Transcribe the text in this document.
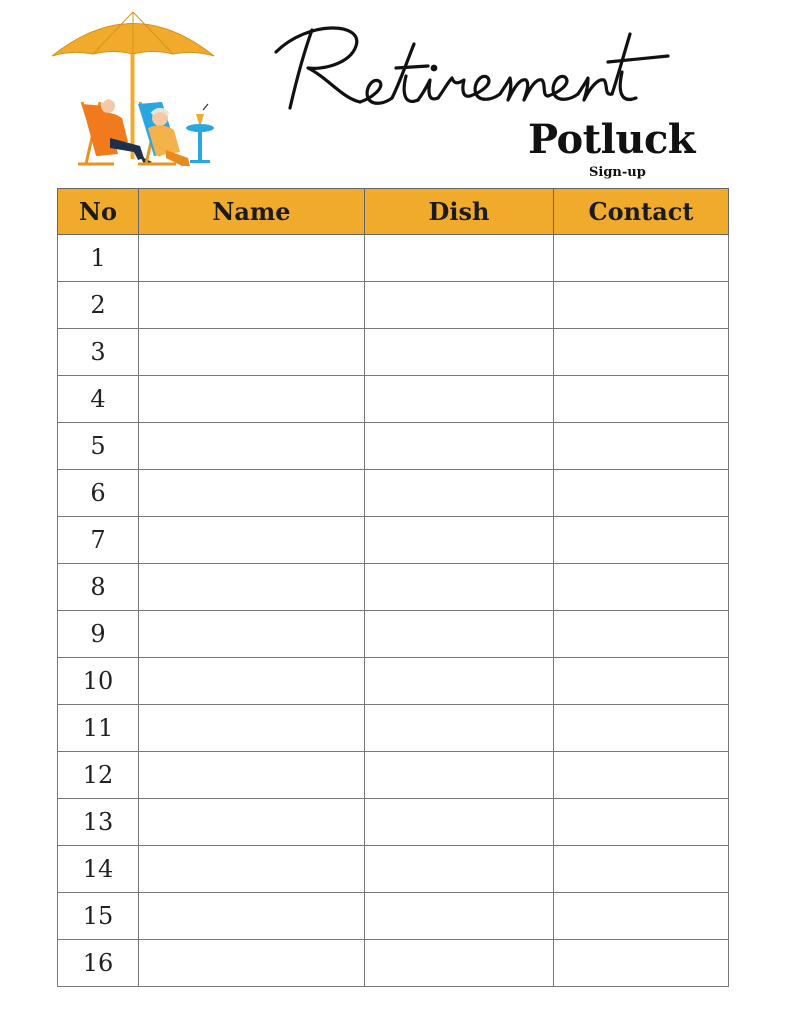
Potluck
Sign-up
No	Name	Dish	Contact
1			
2			
3			
4			
5			
6			
7			
8			
9			
10			
11			
12			
13			
14			
15			
16			
